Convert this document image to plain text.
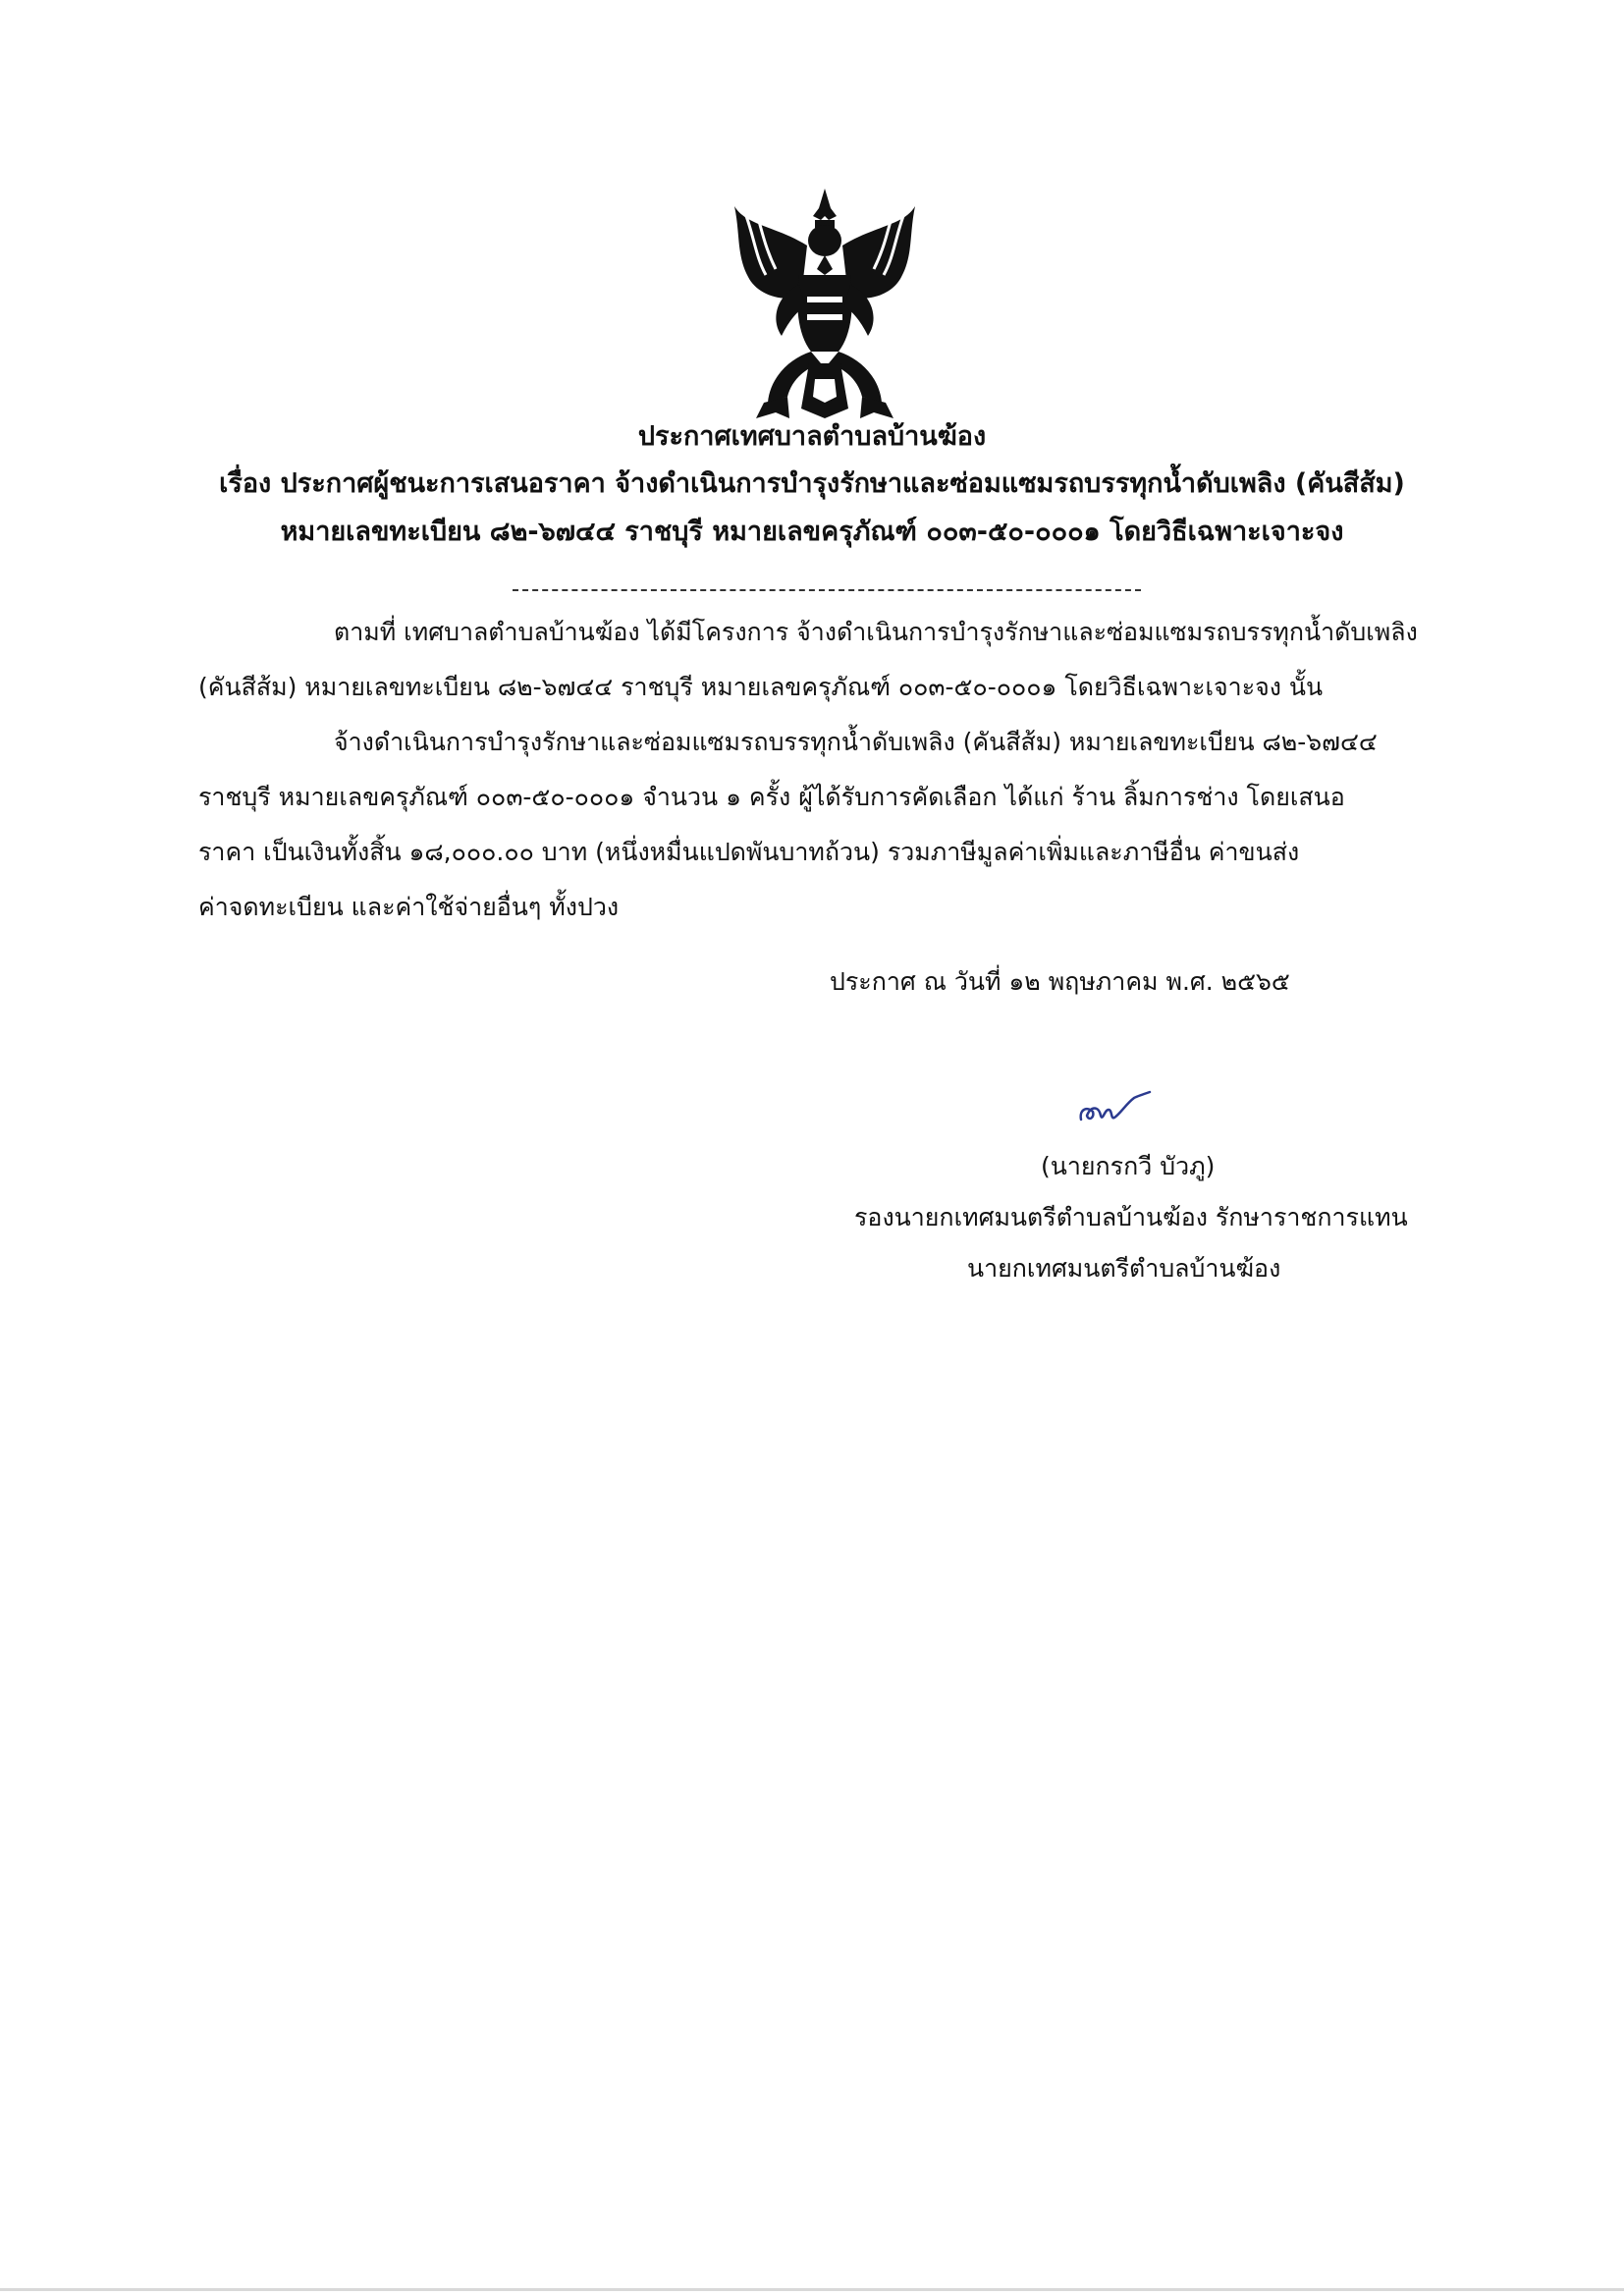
ประกาศเทศบาลตำบลบ้านฆ้อง
เรื่อง ประกาศผู้ชนะการเสนอราคา จ้างดำเนินการบำรุงรักษาและซ่อมแซมรถบรรทุกน้ำดับเพลิง (คันสีส้ม)
หมายเลขทะเบียน ๘๒-๖๗๔๔ ราชบุรี หมายเลขครุภัณฑ์ ๐๐๓-๕๐-๐๐๐๑ โดยวิธีเฉพาะเจาะจง
ตามที่ เทศบาลตำบลบ้านฆ้อง ได้มีโครงการ จ้างดำเนินการบำรุงรักษาและซ่อมแซมรถบรรทุกน้ำดับเพลิง
(คันสีส้ม) หมายเลขทะเบียน ๘๒-๖๗๔๔ ราชบุรี หมายเลขครุภัณฑ์ ๐๐๓-๕๐-๐๐๐๑ โดยวิธีเฉพาะเจาะจง นั้น
จ้างดำเนินการบำรุงรักษาและซ่อมแซมรถบรรทุกน้ำดับเพลิง (คันสีส้ม) หมายเลขทะเบียน ๘๒-๖๗๔๔
ราชบุรี หมายเลขครุภัณฑ์ ๐๐๓-๕๐-๐๐๐๑ จำนวน ๑ ครั้ง ผู้ได้รับการคัดเลือก ได้แก่ ร้าน ลิ้มการช่าง โดยเสนอ
ราคา เป็นเงินทั้งสิ้น ๑๘,๐๐๐.๐๐ บาท (หนึ่งหมื่นแปดพันบาทถ้วน) รวมภาษีมูลค่าเพิ่มและภาษีอื่น ค่าขนส่ง
ค่าจดทะเบียน และค่าใช้จ่ายอื่นๆ ทั้งปวง
ประกาศ ณ วันที่ ๑๒ พฤษภาคม พ.ศ. ๒๕๖๕
(นายกรกวี บัวภู)
รองนายกเทศมนตรีตำบลบ้านฆ้อง รักษาราชการแทน
นายกเทศมนตรีตำบลบ้านฆ้อง
